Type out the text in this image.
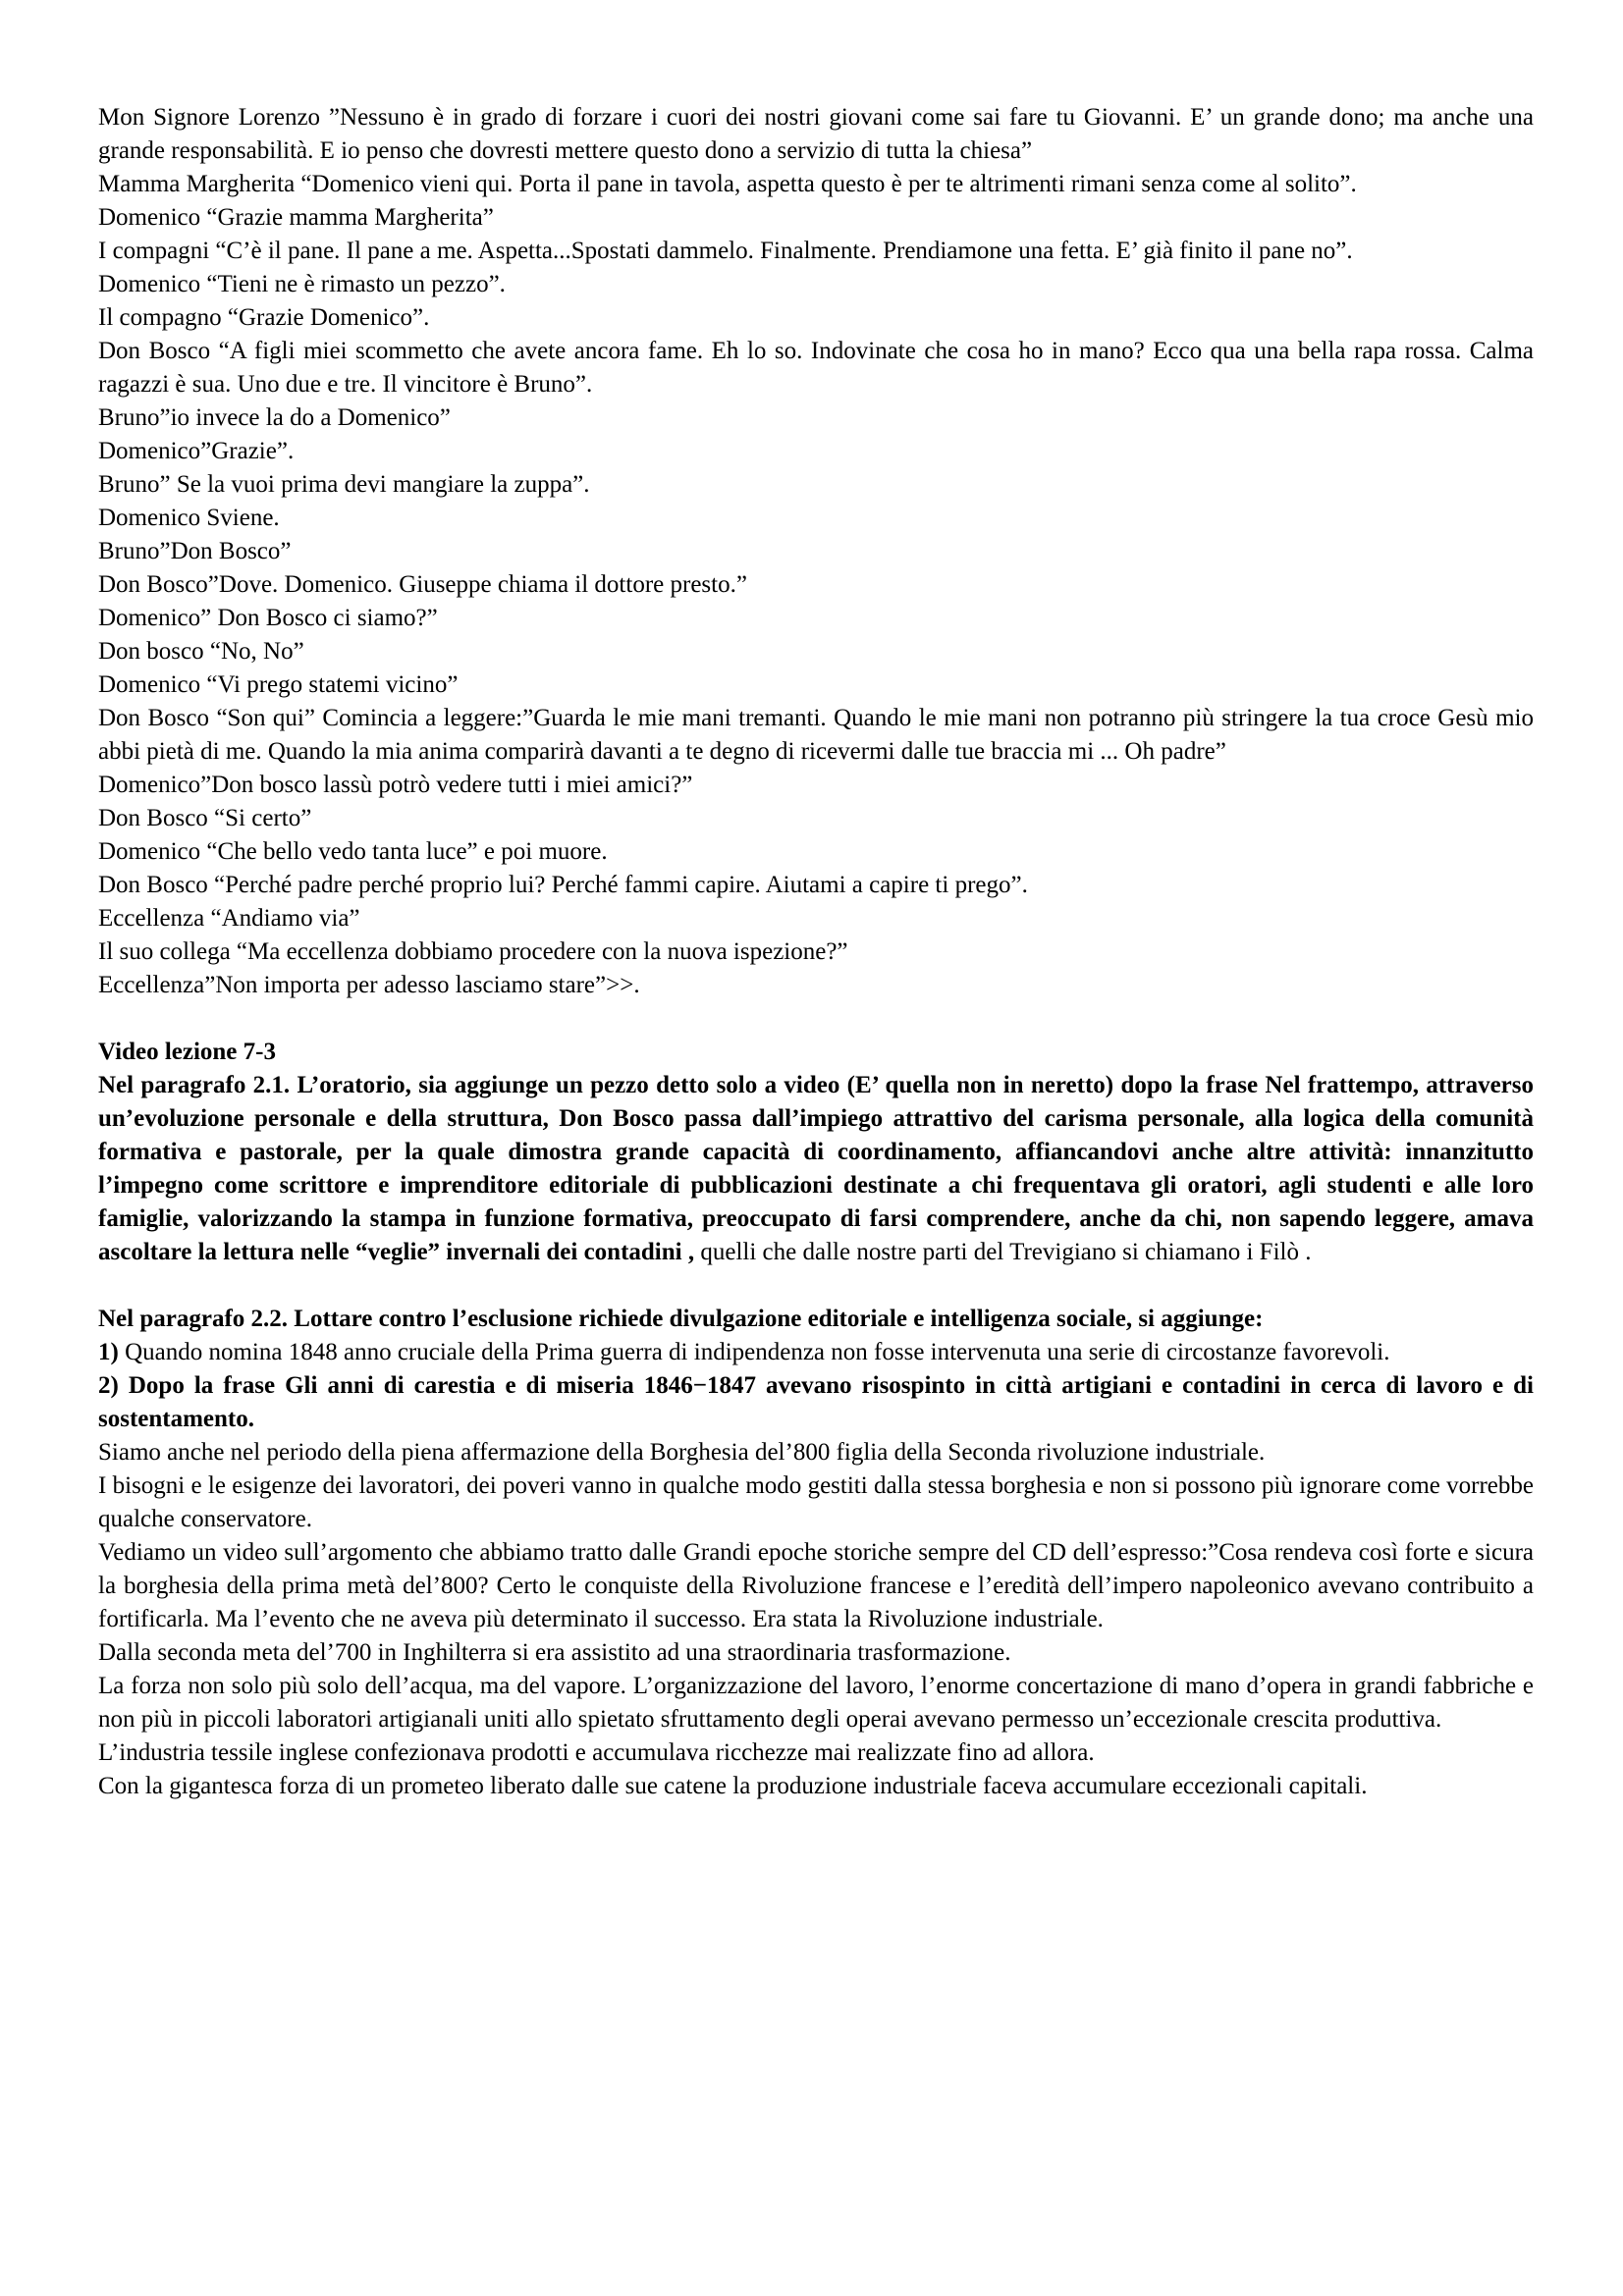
Mon Signore Lorenzo ”Nessuno è in grado di forzare i cuori dei nostri giovani come sai fare tu Giovanni. E’ un grande dono; ma anche una grande responsabilità. E io penso che dovresti mettere questo dono a servizio di tutta la chiesa”

Mamma Margherita “Domenico vieni qui. Porta il pane in tavola, aspetta questo è per te altrimenti rimani senza come al solito”.

Domenico “Grazie mamma Margherita”

I compagni “C’è il pane. Il pane a me. Aspetta...Spostati dammelo. Finalmente. Prendiamone una fetta. E’ già finito il pane no”.

Domenico “Tieni ne è rimasto un pezzo”.

Il compagno “Grazie Domenico”.

Don Bosco “A figli miei scommetto che avete ancora fame. Eh lo so. Indovinate che cosa ho in mano? Ecco qua una bella rapa rossa. Calma ragazzi è sua. Uno due e tre. Il vincitore è Bruno”.

Bruno”io invece la do a Domenico”

Domenico”Grazie”.

Bruno” Se la vuoi prima devi mangiare la zuppa”.

Domenico Sviene.

Bruno”Don Bosco”

Don Bosco”Dove. Domenico. Giuseppe chiama il dottore presto.”

Domenico” Don Bosco ci siamo?”

Don bosco “No, No”

Domenico “Vi prego statemi vicino”

Don Bosco “Son qui” Comincia a leggere:”Guarda le mie mani tremanti. Quando le mie mani non potranno più stringere la tua croce Gesù mio abbi pietà di me. Quando la mia anima comparirà davanti a te degno di ricevermi dalle tue braccia mi ... Oh padre”

Domenico”Don bosco lassù potrò vedere tutti i miei amici?”

Don Bosco “Si certo”

Domenico “Che bello vedo tanta luce” e poi muore.

Don Bosco “Perché padre perché proprio lui? Perché fammi capire. Aiutami a capire ti prego”.

Eccellenza “Andiamo via”

Il suo collega “Ma eccellenza dobbiamo procedere con la nuova ispezione?”

Eccellenza”Non importa per adesso lasciamo stare”>>.

Video lezione 7-3

Nel paragrafo 2.1. L’oratorio, sia aggiunge un pezzo detto solo a video (E’ quella non in neretto) dopo la frase Nel frattempo, attraverso un’evoluzione personale e della struttura, Don Bosco passa dall’impiego attrattivo del carisma personale, alla logica della comunità formativa e pastorale, per la quale dimostra grande capacità di coordinamento, affiancandovi anche altre attività: innanzitutto l’impegno come scrittore e imprenditore editoriale di pubblicazioni destinate a chi frequentava gli oratori, agli studenti e alle loro famiglie, valorizzando la stampa in funzione formativa, preoccupato di farsi comprendere, anche da chi, non sapendo leggere, amava ascoltare la lettura nelle “veglie” invernali dei contadini , quelli che dalle nostre parti del Trevigiano si chiamano i Filò .

Nel paragrafo 2.2. Lottare contro l’esclusione richiede divulgazione editoriale e intelligenza sociale, si aggiunge:

1) Quando nomina 1848 anno cruciale della Prima guerra di indipendenza non fosse intervenuta una serie di circostanze favorevoli.

2) Dopo la frase Gli anni di carestia e di miseria 1846−1847 avevano risospinto in città artigiani e contadini in cerca di lavoro e di sostentamento.

Siamo anche nel periodo della piena affermazione della Borghesia del’800 figlia della Seconda rivoluzione industriale.

I bisogni e le esigenze dei lavoratori, dei poveri vanno in qualche modo gestiti dalla stessa borghesia e non si possono più ignorare come vorrebbe qualche conservatore.

Vediamo un video sull’argomento che abbiamo tratto dalle Grandi epoche storiche sempre del CD dell’espresso:”Cosa rendeva così forte e sicura la borghesia della prima metà del’800? Certo le conquiste della Rivoluzione francese e l’eredità dell’impero napoleonico avevano contribuito a fortificarla. Ma l’evento che ne aveva più determinato il successo. Era stata la Rivoluzione industriale.

Dalla seconda meta del’700 in Inghilterra si era assistito ad una straordinaria trasformazione.

La forza non solo più solo dell’acqua, ma del vapore. L’organizzazione del lavoro, l’enorme concertazione di mano d’opera in grandi fabbriche e non più in piccoli laboratori artigianali uniti allo spietato sfruttamento degli operai avevano permesso un’eccezionale crescita produttiva.

L’industria tessile inglese confezionava prodotti e accumulava ricchezze mai realizzate fino ad allora.

Con la gigantesca forza di un prometeo liberato dalle sue catene la produzione industriale faceva accumulare eccezionali capitali.
